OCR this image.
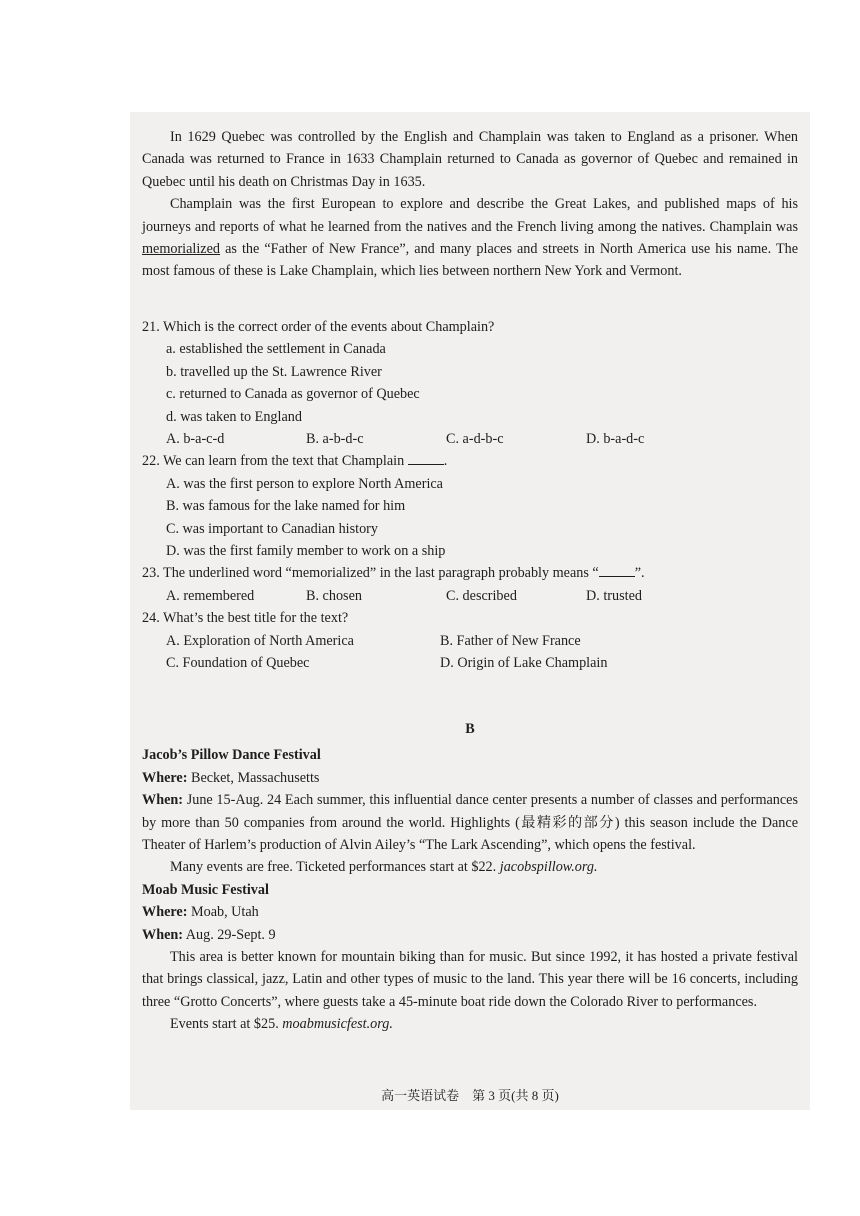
In 1629 Quebec was controlled by the English and Champlain was taken to England as a prisoner. When Canada was returned to France in 1633 Champlain returned to Canada as governor of Quebec and remained in Quebec until his death on Christmas Day in 1635.

Champlain was the first European to explore and describe the Great Lakes, and published maps of his journeys and reports of what he learned from the natives and the French living among the natives. Champlain was memorialized as the “Father of New France”, and many places and streets in North America use his name. The most famous of these is Lake Champlain, which lies between northern New York and Vermont.

21. Which is the correct order of the events about Champlain?

a. established the settlement in Canada

b. travelled up the St. Lawrence River

c. returned to Canada as governor of Quebec

d. was taken to England

A. b-a-c-d	B. a-b-d-c	C. a-d-b-c	D. b-a-d-c

22. We can learn from the text that Champlain	.

A. was the first person to explore North America

B. was famous for the lake named for him

C. was important to Canadian history

D. was the first family member to work on a ship

23. The underlined word “memorialized” in the last paragraph probably means “	”.

A. remembered	B. chosen	C. described	D. trusted

24. What’s the best title for the text?

A. Exploration of North America	B. Father of New France
C. Foundation of Quebec	D. Origin of Lake Champlain

B

Jacob’s Pillow Dance Festival

Where: Becket, Massachusetts

When: June 15-Aug. 24 Each summer, this influential dance center presents a number of classes and performances by more than 50 companies from around the world. Highlights (最精彩的部分) this season include the Dance Theater of Harlem’s production of Alvin Ailey’s “The Lark Ascending”, which opens the festival.

Many events are free. Ticketed performances start at $22. jacobspillow.org.

Moab Music Festival

Where: Moab, Utah

When: Aug. 29-Sept. 9

This area is better known for mountain biking than for music. But since 1992, it has hosted a private festival that brings classical, jazz, Latin and other types of music to the land. This year there will be 16 concerts, including three “Grotto Concerts”, where guests take a 45-minute boat ride down the Colorado River to performances.

Events start at $25. moabmusicfest.org.

高一英语试卷　第 3 页(共 8 页)
